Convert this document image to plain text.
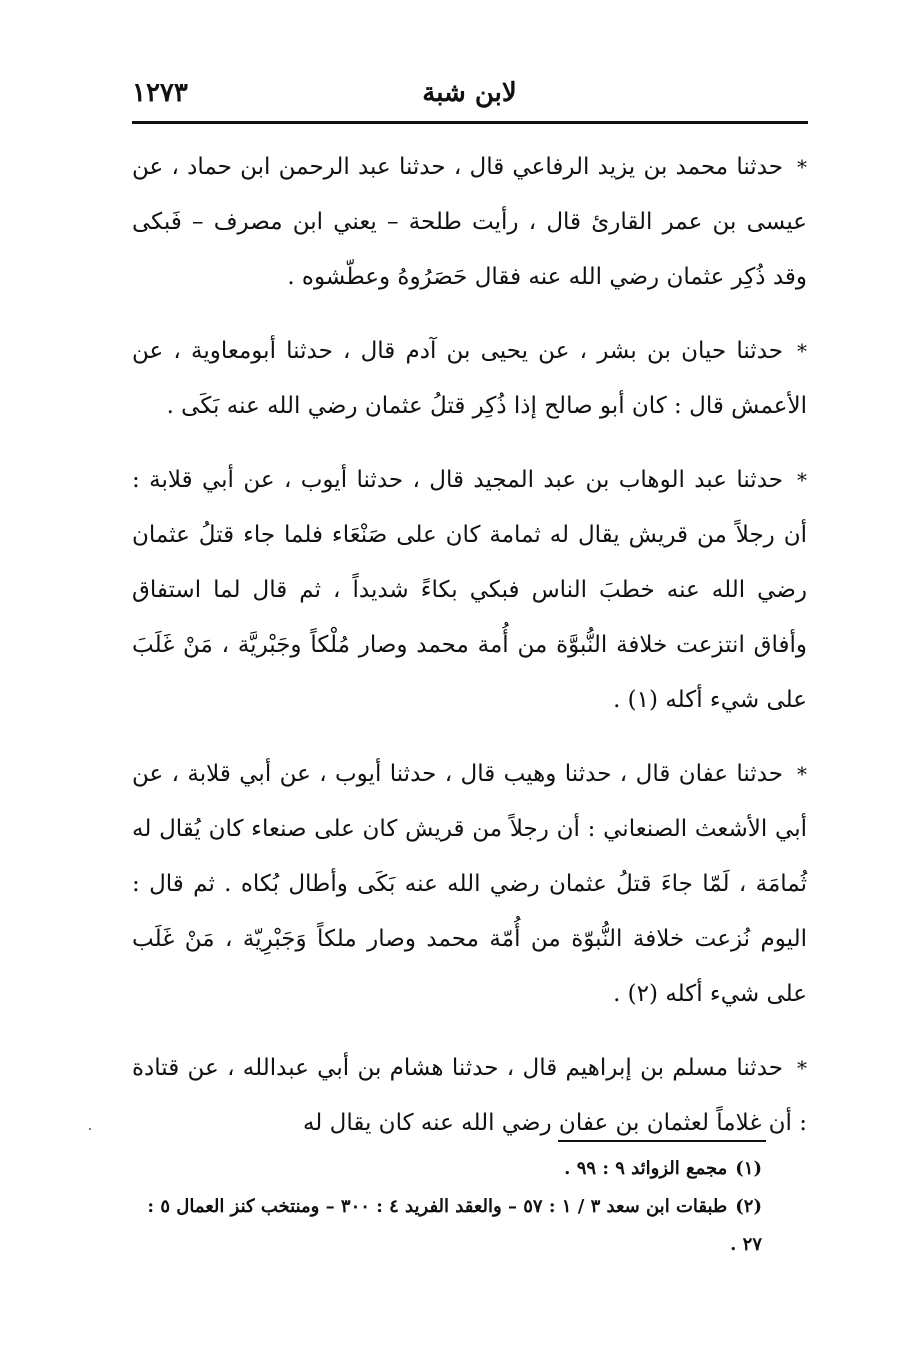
لابن شبة
١٢٧٣

*حدثنا محمد بن يزيد الرفاعي قال ، حدثنا عبد الرحمن ابن حماد ، عن عيسى بن عمر القارئ قال ، رأيت طلحة – يعني ابن مصرف – فَبكى وقد ذُكِر عثمان رضي الله عنه فقال حَصَرُوهُ وعطّشوه .

*حدثنا حيان بن بشر ، عن يحيى بن آدم قال ، حدثنا أبومعاوية ، عن الأعمش قال : كان أبو صالح إذا ذُكِر قتلُ عثمان رضي الله عنه بَكَى .

*حدثنا عبد الوهاب بن عبد المجيد قال ، حدثنا أيوب ، عن أبي قلابة : أن رجلاً من قريش يقال له ثمامة كان على صَنْعَاء فلما جاء قتلُ عثمان رضي الله عنه خطبَ الناس فبكي بكاءً شديداً ، ثم قال لما استفاق وأفاق انتزعت خلافة النُّبوَّة من أُمة محمد وصار مُلْكاً وجَبْريَّة ، مَنْ غَلَبَ على شيء أكله (١) .

*حدثنا عفان قال ، حدثنا وهيب قال ، حدثنا أيوب ، عن أبي قلابة ، عن أبي الأشعث الصنعاني : أن رجلاً من قريش كان على صنعاء كان يُقال له ثُمامَة ، لَمّا جاءَ قتلُ عثمان رضي الله عنه بَكَى وأطال بُكاه . ثم قال : اليوم نُزعت خلافة النُّبوّة من أُمّة محمد وصار ملكاً وَجَبْرِيّة ، مَنْ غَلَب على شيء أكله (٢) .

*حدثنا مسلم بن إبراهيم قال ، حدثنا هشام بن أبي عبدالله ، عن قتادة : أن غلاماً لعثمان بن عفان رضي الله عنه كان يقال له

(١)مجمع الزوائد ٩ : ٩٩ .

(٢)طبقات ابن سعد ٣ / ١ : ٥٧ – والعقد الفريد ٤ : ٣٠٠ – ومنتخب كنز العمال ٥ : ٢٧ .
